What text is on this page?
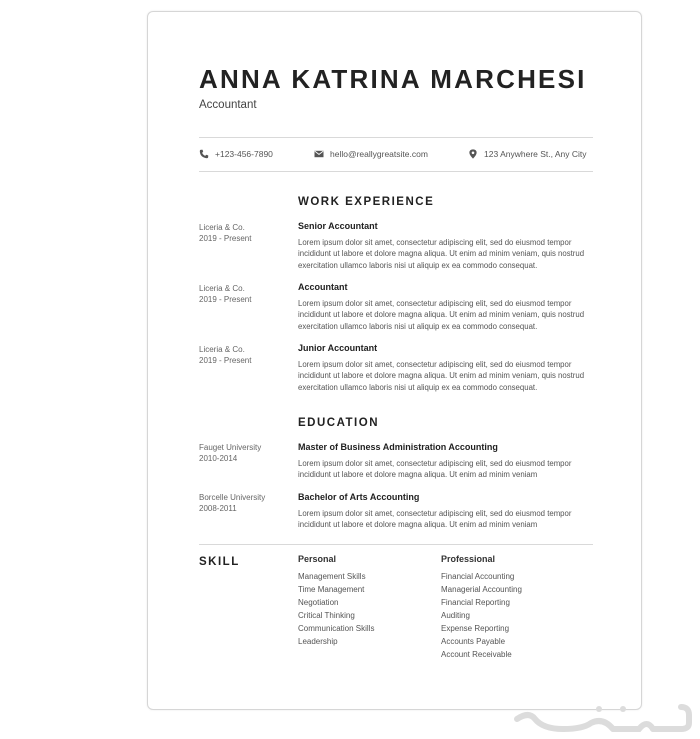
ANNA KATRINA MARCHESI
Accountant
+123-456-7890	hello@reallygreatsite.com	123 Anywhere St., Any City
WORK EXPERIENCE
Liceria & Co.
2019 - Present
Senior Accountant
Lorem ipsum dolor sit amet, consectetur adipiscing elit, sed do eiusmod tempor incididunt ut labore et dolore magna aliqua. Ut enim ad minim veniam, quis nostrud exercitation ullamco laboris nisi ut aliquip ex ea commodo consequat.
Liceria & Co.
2019 - Present
Accountant
Lorem ipsum dolor sit amet, consectetur adipiscing elit, sed do eiusmod tempor incididunt ut labore et dolore magna aliqua. Ut enim ad minim veniam, quis nostrud exercitation ullamco laboris nisi ut aliquip ex ea commodo consequat.
Liceria & Co.
2019 - Present
Junior Accountant
Lorem ipsum dolor sit amet, consectetur adipiscing elit, sed do eiusmod tempor incididunt ut labore et dolore magna aliqua. Ut enim ad minim veniam, quis nostrud exercitation ullamco laboris nisi ut aliquip ex ea commodo consequat.
EDUCATION
Fauget University
2010-2014
Master of Business Administration Accounting
Lorem ipsum dolor sit amet, consectetur adipiscing elit, sed do eiusmod tempor incididunt ut labore et dolore magna aliqua. Ut enim ad minim veniam
Borcelle University
2008-2011
Bachelor of Arts Accounting
Lorem ipsum dolor sit amet, consectetur adipiscing elit, sed do eiusmod tempor incididunt ut labore et dolore magna aliqua. Ut enim ad minim veniam
SKILL	Personal
Management Skills
Time Management
Negotiation
Critical Thinking
Communication Skills
Leadership
Professional
Financial Accounting
Managerial Accounting
Financial Reporting
Auditing
Expense Reporting
Accounts Payable
Account Receivable
